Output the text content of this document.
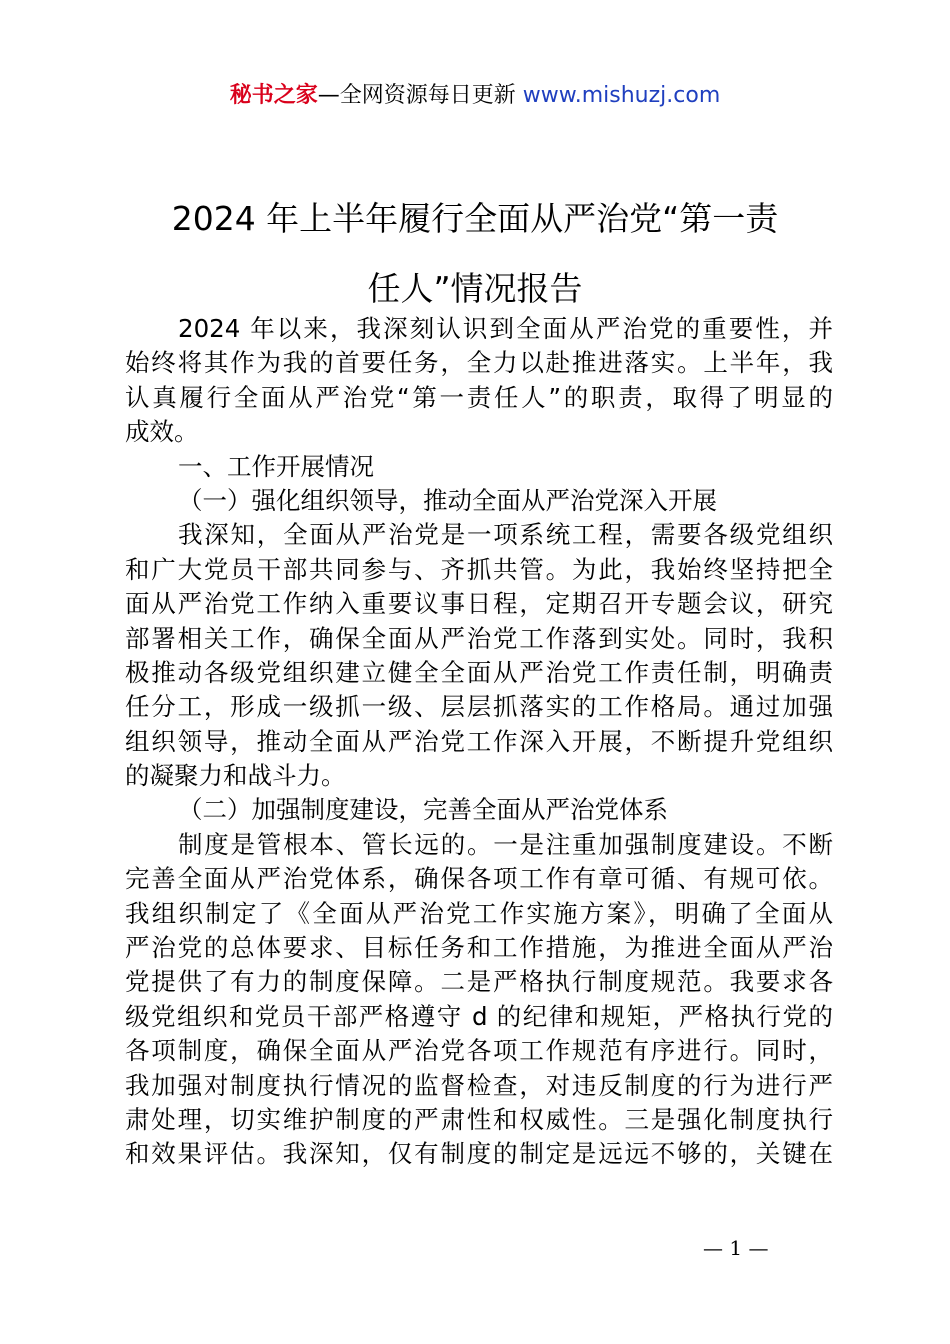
秘书之家—全网资源每日更新 www.mishuzj.com
2024 年上半年履行全面从严治党“第一责
任人”情况报告
2024 年以来，我深刻认识到全面从严治党的重要性，并
始终将其作为我的首要任务，全力以赴推进落实。上半年，我
认真履行全面从严治党“第一责任人”的职责，取得了明显的
成效。
一、工作开展情况
（一）强化组织领导，推动全面从严治党深入开展
我深知，全面从严治党是一项系统工程，需要各级党组织
和广大党员干部共同参与、齐抓共管。为此，我始终坚持把全
面从严治党工作纳入重要议事日程，定期召开专题会议，研究
部署相关工作，确保全面从严治党工作落到实处。同时，我积
极推动各级党组织建立健全全面从严治党工作责任制，明确责
任分工，形成一级抓一级、层层抓落实的工作格局。通过加强
组织领导，推动全面从严治党工作深入开展，不断提升党组织
的凝聚力和战斗力。
（二）加强制度建设，完善全面从严治党体系
制度是管根本、管长远的。一是注重加强制度建设。不断
完善全面从严治党体系，确保各项工作有章可循、有规可依。
我组织制定了《全面从严治党工作实施方案》，明确了全面从
严治党的总体要求、目标任务和工作措施，为推进全面从严治
党提供了有力的制度保障。二是严格执行制度规范。我要求各
级党组织和党员干部严格遵守 d 的纪律和规矩，严格执行党的
各项制度，确保全面从严治党各项工作规范有序进行。同时，
我加强对制度执行情况的监督检查，对违反制度的行为进行严
肃处理，切实维护制度的严肃性和权威性。三是强化制度执行
和效果评估。我深知，仅有制度的制定是远远不够的，关键在
— 1 —
